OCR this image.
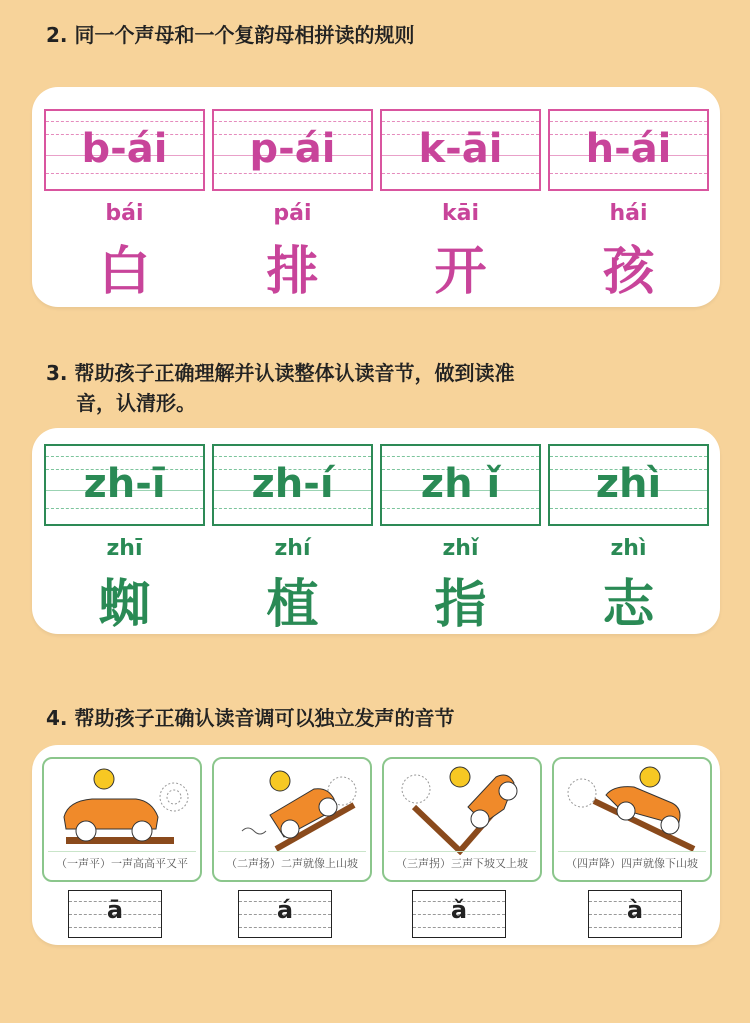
2. 同一个声母和一个复韵母相拼读的规则
b-ái	p-ái	k-āi	h-ái
bái	pái	kāi	hái
白	排	开	孩
3. 帮助孩子正确理解并认读整体认读音节，做到读准
音，认清形。
zh-ī	zh-í	zh ǐ	zhì
zhī	zhí	zhǐ	zhì
蜘	植	指	志
4. 帮助孩子正确认读音调可以独立发声的音节
（一声平）一声高高平又平
ā
（二声扬）二声就像上山坡
á
（三声拐）三声下坡又上坡
ǎ
（四声降）四声就像下山坡
à
